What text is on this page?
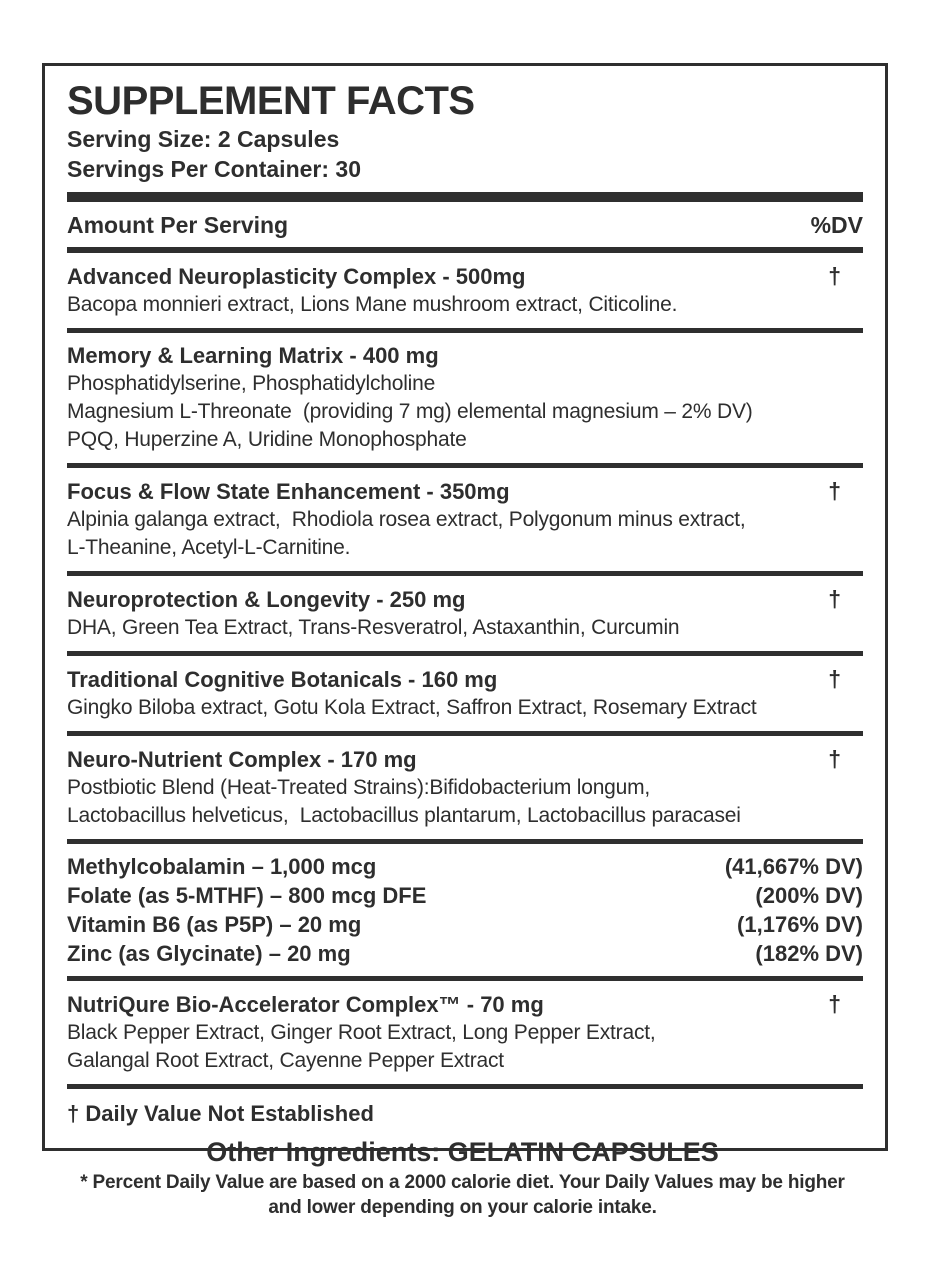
SUPPLEMENT FACTS
Serving Size: 2 Capsules
Servings Per Container: 30
Amount Per Serving	%DV
Advanced Neuroplasticity Complex - 500mg	†
Bacopa monnieri extract, Lions Mane mushroom extract, Citicoline.
Memory & Learning Matrix - 400 mg
Phosphatidylserine, Phosphatidylcholine
Magnesium L-Threonate  (providing 7 mg) elemental magnesium – 2% DV)
PQQ, Huperzine A, Uridine Monophosphate
Focus & Flow State Enhancement - 350mg	†
Alpinia galanga extract,  Rhodiola rosea extract, Polygonum minus extract,
L-Theanine, Acetyl-L-Carnitine.
Neuroprotection & Longevity - 250 mg	†
DHA, Green Tea Extract, Trans-Resveratrol, Astaxanthin, Curcumin
Traditional Cognitive Botanicals - 160 mg	†
Gingko Biloba extract, Gotu Kola Extract, Saffron Extract, Rosemary Extract
Neuro-Nutrient Complex - 170 mg	†
Postbiotic Blend (Heat-Treated Strains):Bifidobacterium longum,
Lactobacillus helveticus,  Lactobacillus plantarum, Lactobacillus paracasei
Methylcobalamin – 1,000 mcg	(41,667% DV)
Folate (as 5-MTHF) – 800 mcg DFE	(200% DV)
Vitamin B6 (as P5P) – 20 mg	(1,176% DV)
Zinc (as Glycinate) – 20 mg	(182% DV)
NutriQure Bio-Accelerator Complex™ - 70 mg	†
Black Pepper Extract, Ginger Root Extract, Long Pepper Extract,
Galangal Root Extract, Cayenne Pepper Extract
† Daily Value Not Established
Other Ingredients: GELATIN CAPSULES
* Percent Daily Value are based on a 2000 calorie diet. Your Daily Values may be higher
and lower depending on your calorie intake.
